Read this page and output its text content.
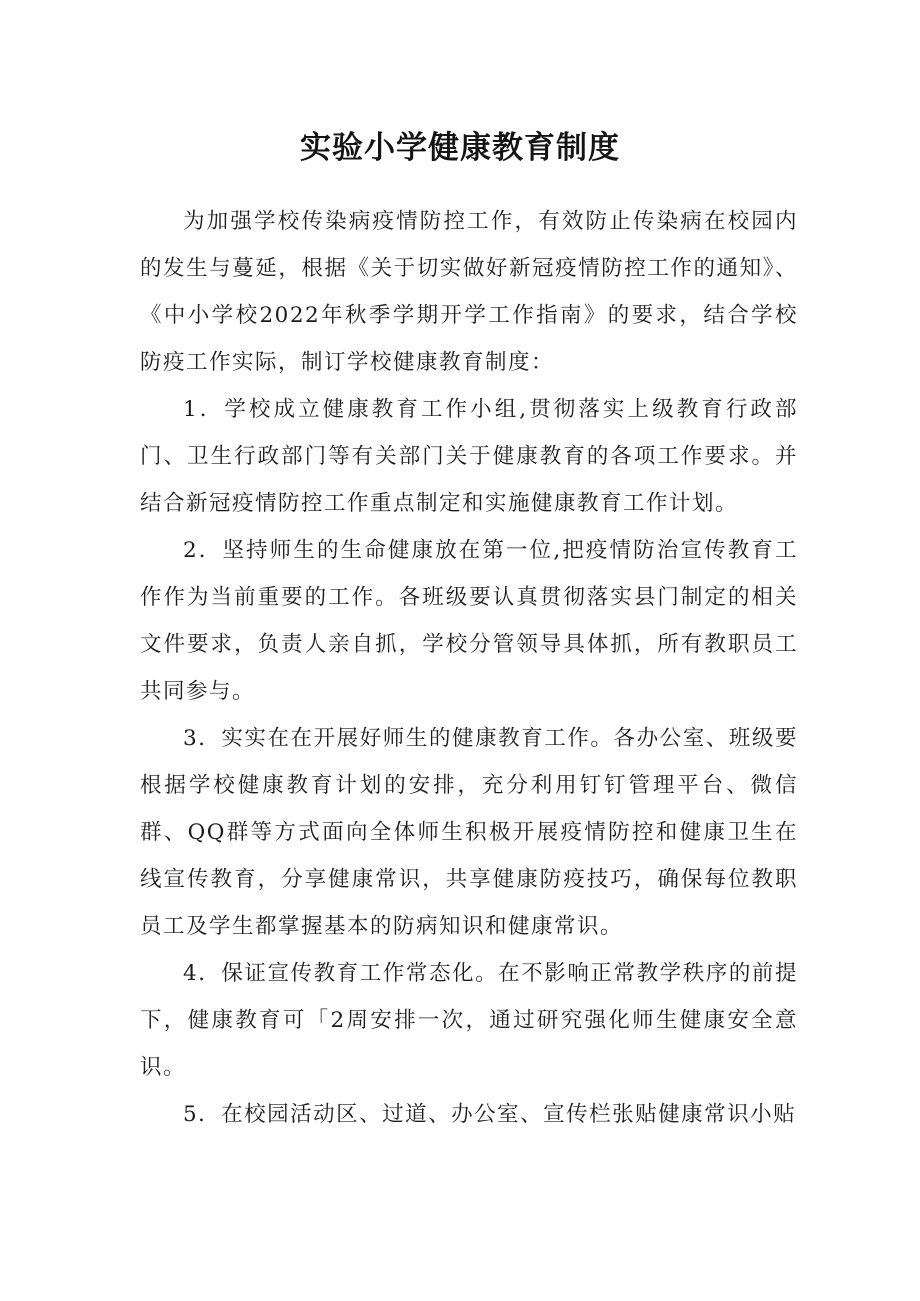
实验小学健康教育制度

为加强学校传染病疫情防控工作，有效防止传染病在校园内的发生与蔓延，根据《关于切实做好新冠疫情防控工作的通知》、《中小学校2022年秋季学期开学工作指南》的要求，结合学校防疫工作实际，制订学校健康教育制度：

1．学校成立健康教育工作小组,贯彻落实上级教育行政部门、卫生行政部门等有关部门关于健康教育的各项工作要求。并结合新冠疫情防控工作重点制定和实施健康教育工作计划。

2．坚持师生的生命健康放在第一位,把疫情防治宣传教育工作作为当前重要的工作。各班级要认真贯彻落实县门制定的相关文件要求，负责人亲自抓，学校分管领导具体抓，所有教职员工共同参与。

3．实实在在开展好师生的健康教育工作。各办公室、班级要根据学校健康教育计划的安排，充分利用钉钉管理平台、微信群、QQ群等方式面向全体师生积极开展疫情防控和健康卫生在线宣传教育，分享健康常识，共享健康防疫技巧，确保每位教职员工及学生都掌握基本的防病知识和健康常识。

4．保证宣传教育工作常态化。在不影响正常教学秩序的前提下，健康教育可「2周安排一次，通过研究强化师生健康安全意识。

5．在校园活动区、过道、办公室、宣传栏张贴健康常识小贴
